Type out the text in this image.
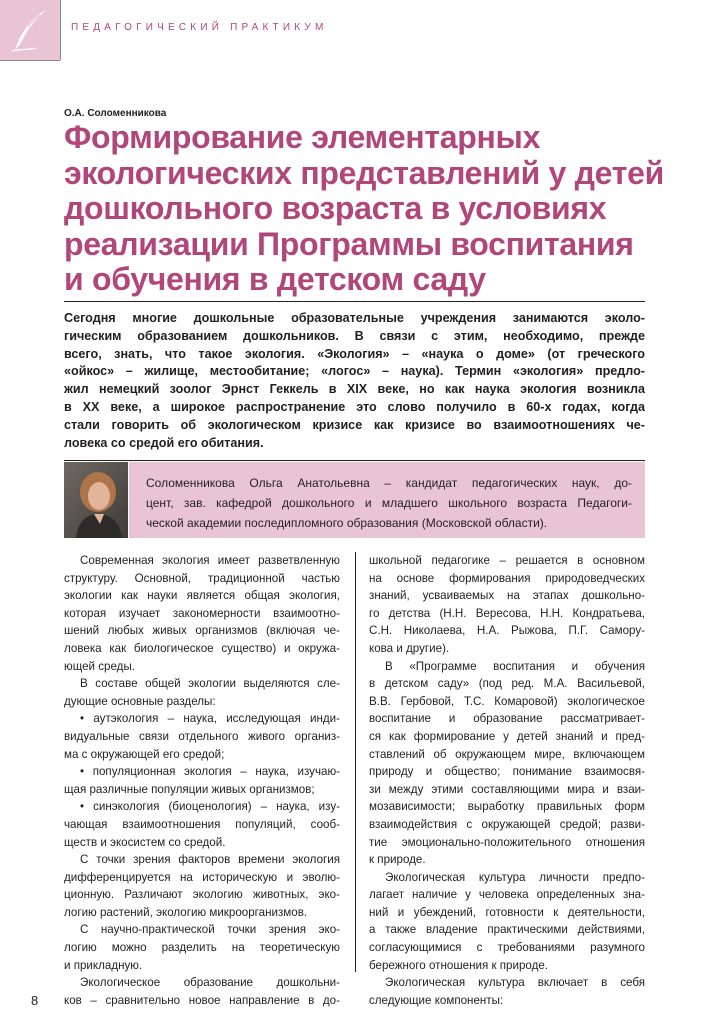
ПЕДАГОГИЧЕСКИЙ ПРАКТИКУМ
О.А. Соломенникова
Формирование элементарных
экологических представлений у детей
дошкольного возраста в условиях
реализации Программы воспитания
и обучения в детском саду
Сегодня многие дошкольные образовательные учреждения занимаются эколо-
гическим образованием дошкольников. В связи с этим, необходимо, прежде
всего, знать, что такое экология. «Экология» – «наука о доме» (от греческого
«ойкос» – жилище, местообитание; «логос» – наука). Термин «экология» предло-
жил немецкий зоолог Эрнст Геккель в XIX веке, но как наука экология возникла
в XX веке, а широкое распространение это слово получило в 60-х годах, когда
стали говорить об экологическом кризисе как кризисе во взаимоотношениях че-
ловека со средой его обитания.
Соломенникова Ольга Анатольевна – кандидат педагогических наук, до-
цент, зав. кафедрой дошкольного и младшего школьного возраста Педагоги-
ческой академии последипломного образования (Московской области).
Современная экология имеет разветвленную
структуру. Основной, традиционной частью
экологии как науки является общая экология,
которая изучает закономерности взаимоотно-
шений любых живых организмов (включая че-
ловека как биологическое существо) и окружа-
ющей среды.
В составе общей экологии выделяются сле-
дующие основные разделы:
• аутэкология – наука, исследующая инди-
видуальные связи отдельного живого организ-
ма с окружающей его средой;
• популяционная экология – наука, изучаю-
щая различные популяции живых организмов;
• синэкология (биоценология) – наука, изу-
чающая взаимоотношения популяций, сооб-
ществ и экосистем со средой.
С точки зрения факторов времени экология
дифференцируется на историческую и эволю-
ционную. Различают экологию животных, эко-
логию растений, экологию микроорганизмов.
С научно-практической точки зрения эко-
логию можно разделить на теоретическую
и прикладную.
Экологическое образование дошкольни-
ков – сравнительно новое направление в до-
школьной педагогике – решается в основном
на основе формирования природоведческих
знаний, усваиваемых на этапах дошкольно-
го детства (Н.Н. Вересова, Н.Н. Кондратьева,
С.Н. Николаева, Н.А. Рыжова, П.Г. Самору-
кова и другие).
В «Программе воспитания и обучения
в детском саду» (под ред. М.А. Васильевой,
В.В. Гербовой, Т.С. Комаровой) экологическое
воспитание и образование рассматривает-
ся как формирование у детей знаний и пред-
ставлений об окружающем мире, включающем
природу и общество; понимание взаимосвя-
зи между этими составляющими мира и взаи-
мозависимости; выработку правильных форм
взаимодействия с окружающей средой; разви-
тие эмоционально-положительного отношения
к природе.
Экологическая культура личности предпо-
лагает наличие у человека определенных зна-
ний и убеждений, готовности к деятельности,
а также владение практическими действиями,
согласующимися с требованиями разумного
бережного отношения к природе.
Экологическая культура включает в себя
следующие компоненты:
8
